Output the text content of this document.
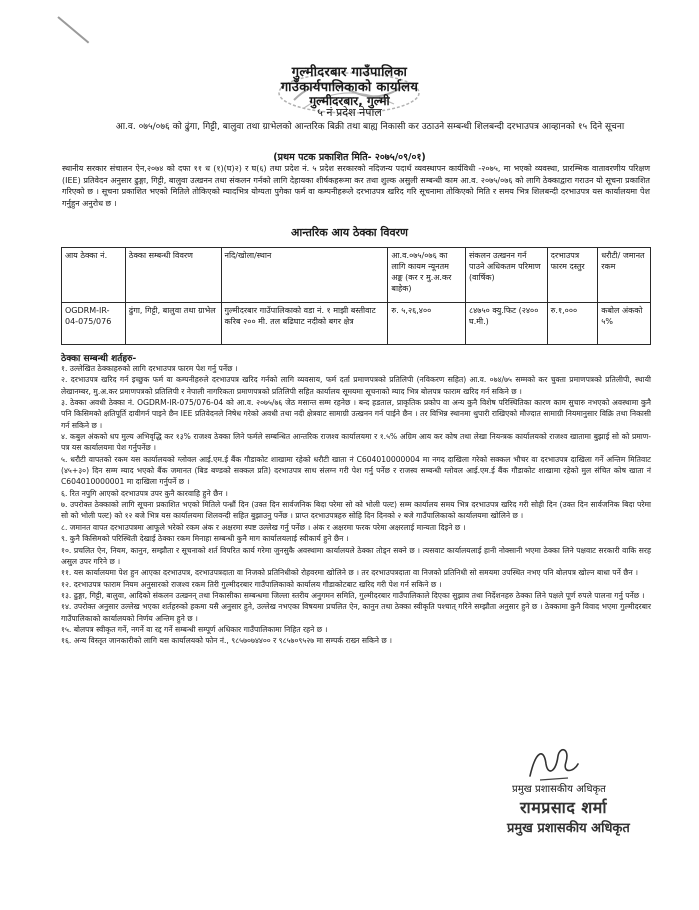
गुल्मीदरबार गाउँपालिका
गाउँकार्यपालिकाको कार्यालय
गुल्मीदरबार, गुल्मी
५ नं प्रदेश नेपाल
आ.व. ०७५/०७६ को ढुंगा, गिट्टी, बालुवा तथा ग्राभेलको आन्तरिक बिक्री तथा बाह्य निकासी कर उठाउने सम्बन्धी शिलबन्दी दरभाउपत्र आव्हानको १५ दिने सूचना
(प्रथम पटक प्रकाशित मिति- २०७५/०९/०१)
स्थानीय सरकार संचालन ऐन,२०७४ को दफा ११ ध (१)(घ)२) र घ(६) तथा प्रदेश नं. ५ प्रदेश सरकारको नदिजन्य पदार्थ व्यवस्थापन कार्यविधी -२०७५, मा भएको व्यवस्था, प्रारम्भिक वातावरणीय परिक्षण (IEE) प्रतिवेदन अनुसार ढुङ्गा, गिट्टी, बालुवा उत्खनन तथा संकलन गर्नको लागि देहायका शीर्षकहरूमा कर तथा शुल्क असुली सम्बन्धी काम आ.व. २०७५/०७६ को लागि ठेक्काद्वारा गराउन यो सूचना प्रकाशित गरिएको छ । सूचना प्रकाशित भएको मितिले तोकिएको म्यादभित्र योग्यता पुगेका फर्म वा कम्पनीहरूले दरभाउपत्र खरिद गरि सूचनामा तोकिएको मिति र समय भित्र शिलबन्दी दरभाउपत्र यस कार्यालयमा पेश गर्नुहुन अनुरोध छ ।
आन्तरिक आय ठेक्का विवरण
आय ठेक्का नं.	ठेक्का सम्बन्धी विवरण	नदि/खोला/स्थान	आ.व.०७५/०७६ का लागि कायम न्यूनतम अङ्क (कर र मु.अ.कर बाहेक)	संकलन उत्खनन गर्न पाउने अधिकतम परिमाण (वार्षिक)	दरभाउपत्र फारम दस्तुर	धरौटी/ जमानत रकम
OGDRM-IR-04-075/076	ढुंगा, गिट्टी, बालुवा तथा ग्राभेल	गुल्मीदरबार गाउँपालिकाको वडा नं. १ माझी बस्तीवाट करिब २०० मी. तल बढिघाट नदीको बगर क्षेत्र	रु. ५,२६,४००	८४७५० क्यु.फिट (२४०० घ.मी.)	रु.१,०००	कबोल अंकको ५%
ठेक्का सम्बन्धी शर्तहरु-

१. उल्लेखित ठेक्काहरुको लागि दरभाउपत्र फारम पेश गर्नु पर्नेछ ।

२. दरभाउपत्र खरिद गर्न इच्छुक फर्म वा कम्पनीहरुले दरभाउपत्र खरिद गर्नको लागि व्यवसाय, फर्म दर्ता प्रमाणपत्रको प्रतिलिपी (नविकरण सहित) आ.व. ०७४/७५ सम्मको कर चुक्ता प्रमाणपत्रको प्रतिलीपी, स्थायी लेखानम्बर, मु.अ.कर प्रमाणपत्रको प्रतिलिपी र नेपाली नागरिकता प्रमाणपत्रको प्रतिलिपी सहित कार्यालय सूमयमा सूचनाको म्याद भित्र बोलपत्र फाराम खरिद गर्न सकिने छ ।

३. ठेक्का अवधी ठेक्का नं. OGDRM-IR-075/076-04 को आ.व. २०७५/७६ जेठ मसान्त सम्म रहनेछ । बन्द हडताल, प्राकृतिक प्रकोप वा अन्य कुनै विशेष परिस्थितिका कारण काम सुचारु नभएको अवस्थामा कुनै पनि किसिमको क्षतिपूर्ति दावीगर्न पाइने छैन IEE प्रतिवेदनले निषेध गरेको अवधी तथा नदी क्षेत्रवाट सामाग्री उत्खनन गर्न पाईने छैन । तर विभिन्न स्थानमा थुपारी राखिएको मौज्दात सामाग्री नियमानुसार विक्रि तथा निकासी गर्न सकिने छ ।

४. कबुल अंकको धप मुल्य अभिवृद्धि कर १३% राजश्व ठेक्का लिने फर्मले सम्बन्धित आन्तरिक राजश्व कार्यालयमा र १.५% अग्रिम आय कर कोष तथा लेखा नियन्त्रक कार्यालयको राजश्व खातामा बुझाई सो को प्रमाण-पत्र यस कार्यालयमा पेश गर्नुपर्नेछ ।

५. धरौटी वापतको रकम यस कार्यालयको ग्लोवल आई.एम.ई बैंक गौडाकोट शाखामा रहेको धरौटी खाता नं C604010000004 मा नगद दाखिला गरेको सक्कल भौचर वा दरभाउपत्र दाखिला गर्ने अन्तिम मितिवाट (४५+३०) दिन सम्म म्याद भएको बैंक जमानत (बिड बण्डको सक्कल प्रति) दरभाउपत्र साथ संलग्न गरी पेश गर्नु पर्नेछ र राजस्व सम्बन्धी ग्लोवल आई.एम.ई बैंक गौडाकोट शाखामा रहेको मुल संचित कोष खाता नं C604010000001 मा दाखिला गर्नुपर्ने छ ।

६. रित नपुगि आएको दरभाउपत्र उपर कुनै कारवाहि हुने छैन ।

७. उपरोक्त ठेक्काको लागि सूचना प्रकाशित भएको मितिले पन्ध्रौं दिन (उक्त दिन सार्वजनिक बिदा परेमा सो को भोली पल्ट) सम्म कार्यालय समय भित्र दरभाउपत्र खरिद गरी सोही दिन (उक्त दिन सार्वजनिक बिदा परेमा सो को भोली पल्ट) को १२ बजे भित्र यस कार्यालयमा शिलवन्दी सहित बुझाउनु पर्नेछ । प्राप्त दरभाउपत्रहरु सोहि दिन दिनको २ बजे गाउँपालिकाको कार्यालयमा खोलिने छ ।

८. जमानत वापत दरभाउपत्रमा आफूले भरेको रकम अंक र अक्षरमा स्पष्ट उल्लेख गर्नु पर्नेछ । अंक र अक्षरमा फरक परेमा अक्षरलाई मान्यता दिइने छ ।

९. कुनै किसिमको परिस्थिती देखाई ठेक्का रकम मिनाहा सम्बन्धी कुनै माग कार्यालयलाई स्वीकार्य हुने छैन ।

१०. प्रचलित ऐन, नियम, कानुन, सम्झौता र सूचनाको शर्त विपरित कार्य गरेमा जुनसुकै अवस्थामा कार्यालयले ठेक्का तोड्न सक्ने छ । त्यसवाट कार्यालयलाई हानी नोक्सानी भएमा ठेक्का लिने पक्षवाट सरकारी वाकि सरह असुल उपर गरिने छ ।

११. यस कार्यालयमा पेश हुन आएका दरभाउपत्र, दरभाउपत्रदाता वा निजको प्रतिनिधीको रोहवरमा खोलिने छ । तर दरभाउपत्रदाता वा निजको प्रतिनिधी सो समयमा उपस्थित नभए पनि बोलपत्र खोल्न बाधा पर्ने छैन ।

१२. दरभाउपत्र फाराम नियम अनुसारको राजश्व रकम तिरी गुल्मीदरबार गाउँपालिकाको कार्यालय गौडाकोटबाट खरिद गरी पेश गर्न सकिने छ ।

१३. ढुङ्गा, गिट्टी, बालुवा, आदिको संकलन उत्खनन् तथा निकासीका सम्बन्धमा जिल्ला स्तरीय अनुगमन समिति, गुल्मीदरबार गाउँपालिकाले दिएका सुझाव तथा निर्देशनहरु ठेक्का लिने पक्षले पूर्ण रुपले पालना गर्नु पर्नेछ ।

१४. उपरोक्त अनुसार उल्लेख भएका शर्तहरुको हकमा यसै अनुसार हुने, उल्लेख नभएका विषयमा प्रचलित ऐन, कानुन तथा ठेक्का स्वीकृति पश्चात् गरिने सम्झौता अनुसार हुने छ । ठेक्कामा कुनै विवाद भएमा गुल्मीदरबार गाउँपालिकाको कार्यालयको निर्णय अन्तिम हुने छ ।

१५. बोलपत्र स्वीकृत गर्ने, नगर्ने वा रद्द गर्ने सम्बन्धी सम्पूर्ण अधिकार गाउँपालिकामा निहित रहने छ ।

१६. अन्य विस्तृत जानकारीको लागि यस कार्यालयको फोन नं., ९८५७०७४४०० र ९८५७०९५२७ मा सम्पर्क राख्न सकिने छ ।

प्रमुख प्रशासकीय अधिकृत
रामप्रसाद शर्मा
प्रमुख प्रशासकीय अधिकृत
